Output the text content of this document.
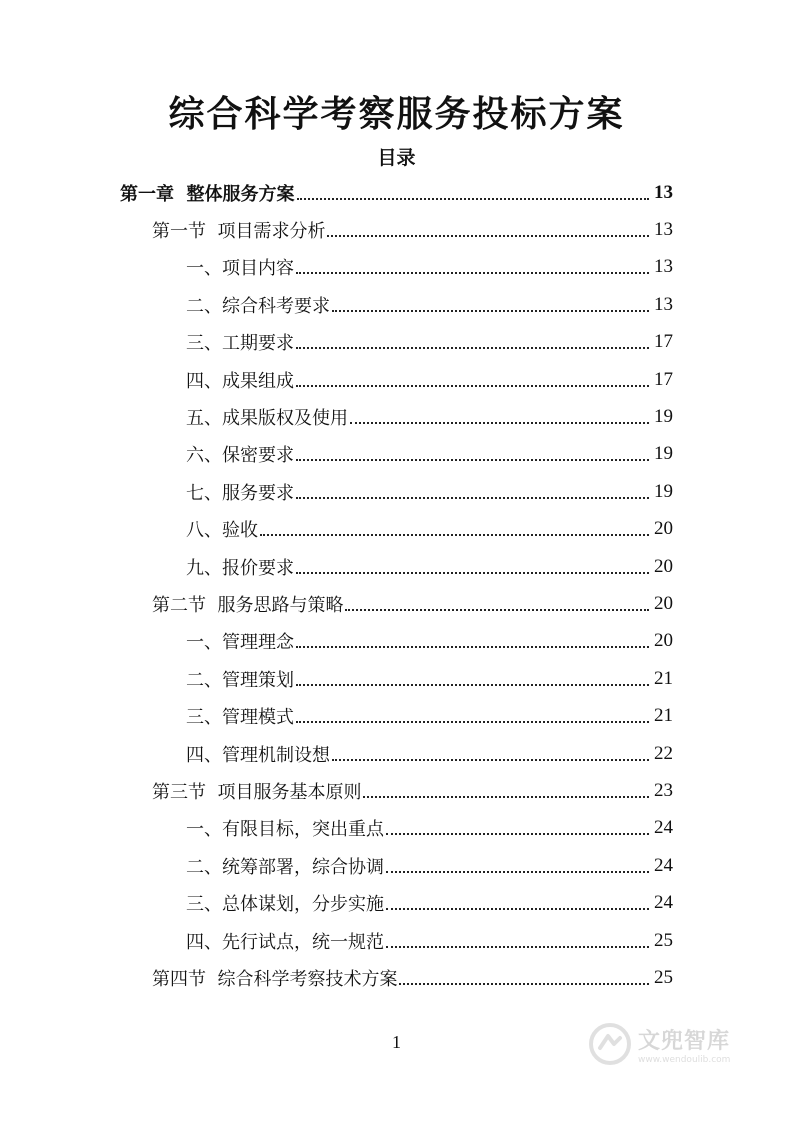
综合科学考察服务投标方案
目录
第一章 整体服务方案	13
第一节 项目需求分析	13
一、 项目内容	13
二、 综合科考要求	13
三、 工期要求	17
四、 成果组成	17
五、 成果版权及使用	19
六、 保密要求	19
七、 服务要求	19
八、 验收	20
九、 报价要求	20
第二节 服务思路与策略	20
一、 管理理念	20
二、 管理策划	21
三、 管理模式	21
四、 管理机制设想	22
第三节 项目服务基本原则	23
一、 有限目标，突出重点	24
二、 统筹部署，综合协调	24
三、 总体谋划，分步实施	24
四、 先行试点，统一规范	25
第四节 综合科学考察技术方案	25
1	文兜智库
www.wendoulib.com
